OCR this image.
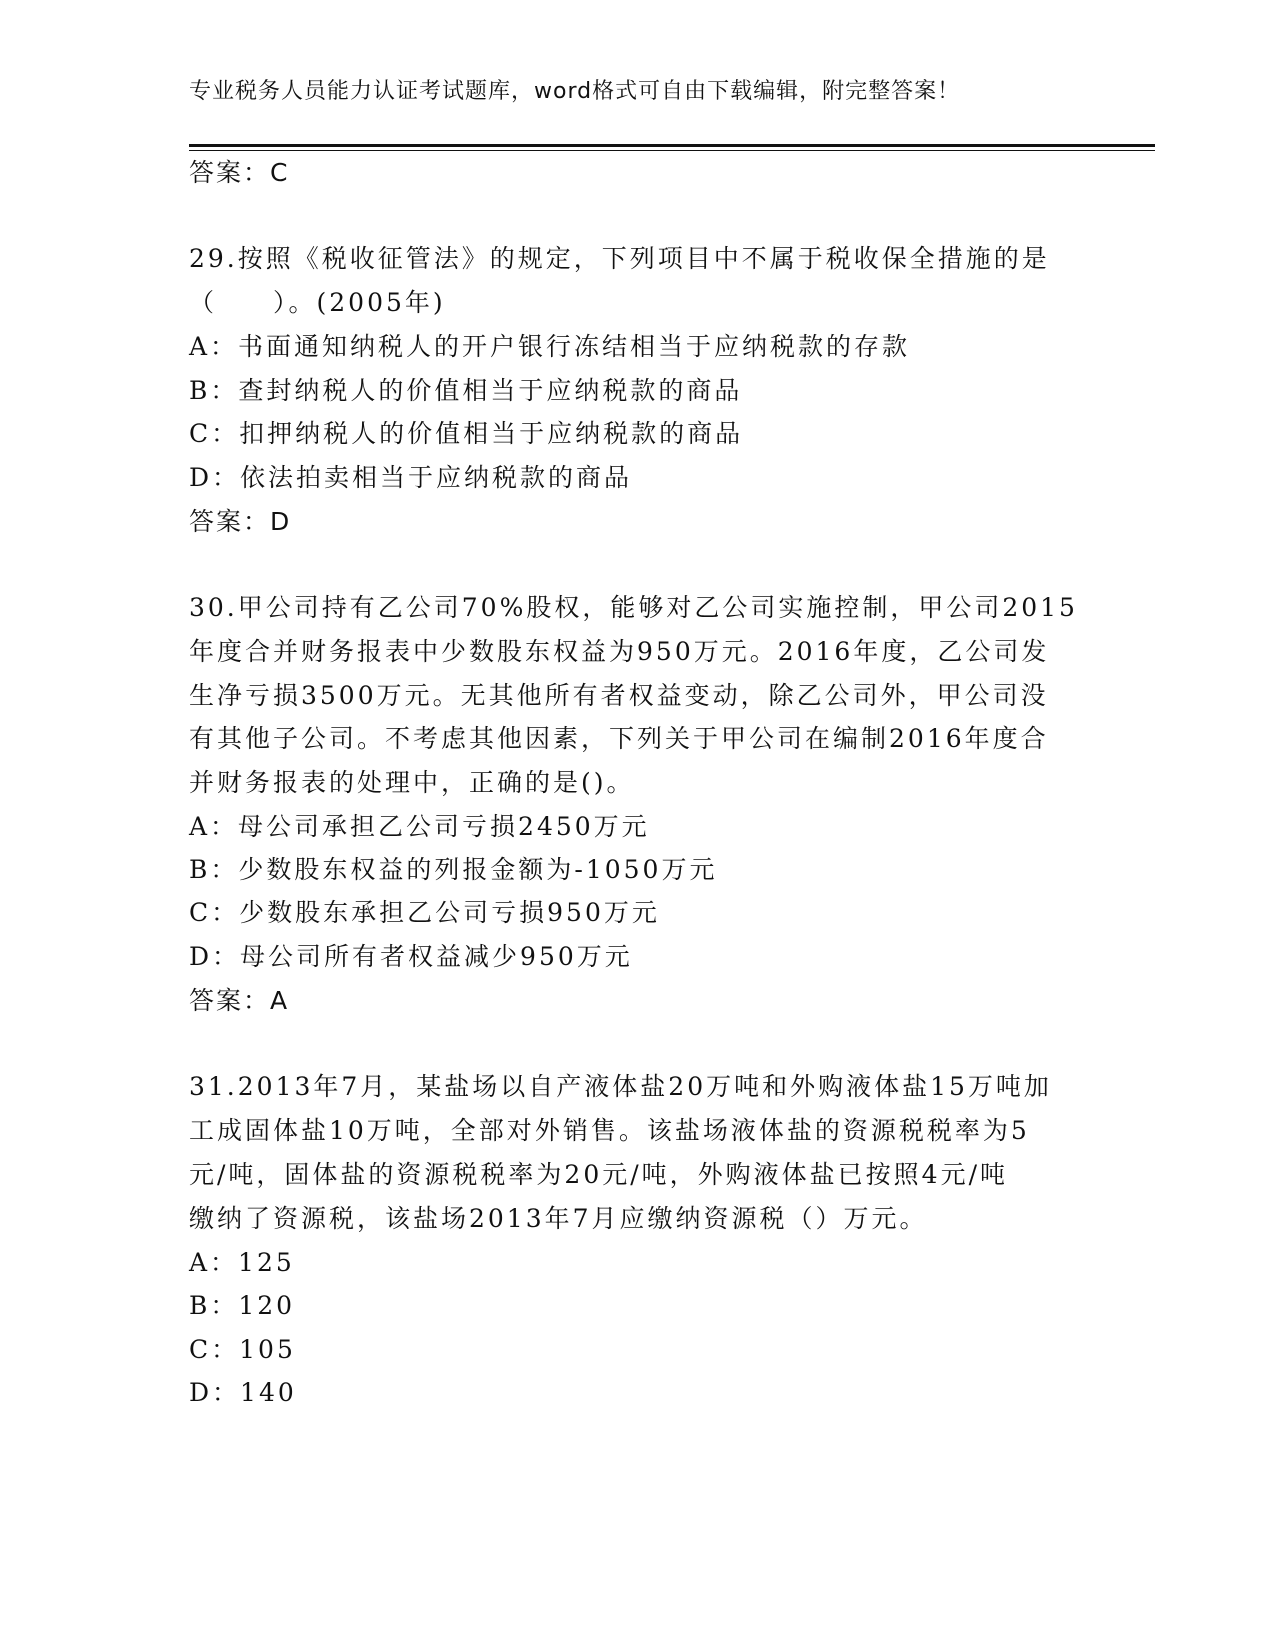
专业税务人员能力认证考试题库，word格式可自由下载编辑，附完整答案！
答案：C
29.按照《税收征管法》的规定，下列项目中不属于税收保全措施的是
（　　）。(2005年)
A：书面通知纳税人的开户银行冻结相当于应纳税款的存款
B：查封纳税人的价值相当于应纳税款的商品
C：扣押纳税人的价值相当于应纳税款的商品
D：依法拍卖相当于应纳税款的商品
答案：D
30.甲公司持有乙公司70%股权，能够对乙公司实施控制，甲公司2015
年度合并财务报表中少数股东权益为950万元。2016年度，乙公司发
生净亏损3500万元。无其他所有者权益变动，除乙公司外，甲公司没
有其他子公司。不考虑其他因素，下列关于甲公司在编制2016年度合
并财务报表的处理中，正确的是()。
A：母公司承担乙公司亏损2450万元
B：少数股东权益的列报金额为-1050万元
C：少数股东承担乙公司亏损950万元
D：母公司所有者权益减少950万元
答案：A
31.2013年7月，某盐场以自产液体盐20万吨和外购液体盐15万吨加
工成固体盐10万吨，全部对外销售。该盐场液体盐的资源税税率为5
元/吨，固体盐的资源税税率为20元/吨，外购液体盐已按照4元/吨
缴纳了资源税，该盐场2013年7月应缴纳资源税（）万元。
A：125
B：120
C：105
D：140
